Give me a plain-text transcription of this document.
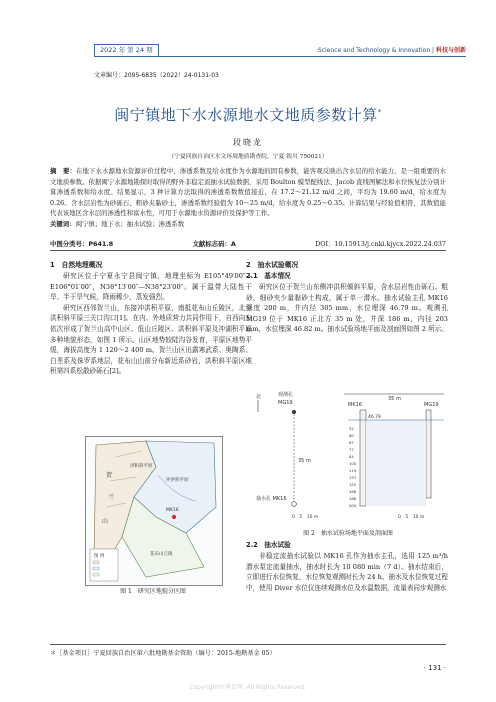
2022 年 第 24 期	Science and Technology & Innovation | 科技与创新
文章编号：2095-6835（2022）24-0131-03
闽宁镇地下水水源地水文地质参数计算*
段晓龙
（宁夏回族自治区水文环境地质勘查院，宁夏 银川 750021）
摘　要：在地下水水源地水资源评价过程中，渗透系数及给水度作为水源地的固有参数，能客观反映出含水层的给水能力，是一组重要的水文地质参数。依据闽宁水源地勘探时取得的野外非稳定流抽水试验数据，采用 Boulton 模型配线法、Jacob 直线图解法和水位恢复法分别计算渗透系数和给水度。结果显示，3 种计算方法取得的渗透系数数值接近，在 17.2～21.12 m/d 之间，平均为 19.60 m/d，给水度为 0.26。含水层岩性为砂砾石、粗砂夹黏砂土，渗透系数经验值为 10～25 m/d，给水度为 0.25～0.35。计算结果与经验值相符，其数值能代表该地区含水层的渗透性和富水性，可用于水源地水资源评价及保护等工作。
关键词：闽宁镇；地下水；抽水试验；渗透系数
中图分类号：P641.8	文献标志码：A	DOI：10.15913/j.cnki.kjycx.2022.24.037
1　自然地理概况

研究区位于宁夏永宁县闽宁镇，地理坐标为 E105°49′00″—E106°01′00″，N38°13′00″—N38°23′00″。属于温带大陆性干旱、半干旱气候，降雨稀少，蒸发强烈。

研究区西邻贺兰山，东接冲洪积平原，南抵花布山丘陵区，北至洪积斜平原三关口沟口[1]。在内、外地质营力共同作用下，自西向东依次形成了贺兰山高中山区、低山丘陵区、洪积斜平原及冲湖积平原多种地貌形态，如图 1 所示。山区地势较陡沟谷发育，平原区地势平缓，海拔高度为 1 120～2 400 m。贺兰山区出露寒武系、奥陶系、白垩系及侏罗系地层，花布山山前分布新近系砂岩，洪积斜平原区堆积第四系松散砂砾石[2]。

贺
兰
山
洪积斜平原
冲洪积平原
花布山丘陵
MK16
图 例
图 1　研究区地貌分区图
2　抽水试验概况
2.1　基本情况

研究区位于贺兰山东侧冲洪积倾斜平原，含水层岩性由砾石、粗砂，细砂夹少量黏砂土构成，属于单一潜水。抽水试验主孔 MK16 深度 200 m，井内径 305 mm，水位埋深 46.79 m。观测孔 MG19 位于 MK16 正北方 35 m 处，井深 186 m，内径 203 mm，水位埋深 46.82 m。抽水试验场地平面及剖面图如图 2 所示。

北	观测孔
MG19
35 m
抽水孔 MK16
0　5　10 m
MK16	MG19
35 m
46.79
52
60
67
77
84
100
119
137
152
168
186
200
0　5　10 m
图 2　抽水试验场地平面及剖面图
2.2　抽水试验

非稳定流抽水试验以 MK16 孔作为抽水主孔，选用 125 m³/h 潜水泵定流量抽水，抽水时长为 10 080 min（7 d）。抽水结束后，立即进行水位恢复，水位恢复观测时长为 24 h。抽水及水位恢复过程中，使用 Diver 水位仪连续观测水位及水温数据，流量表同步观测水

＊［基金项目］宁夏回族自治区第六批地勘基金资助（编号：2015-地勘基金 05）
· 131 ·
Copyright©博看网. All Rights Reserved.
